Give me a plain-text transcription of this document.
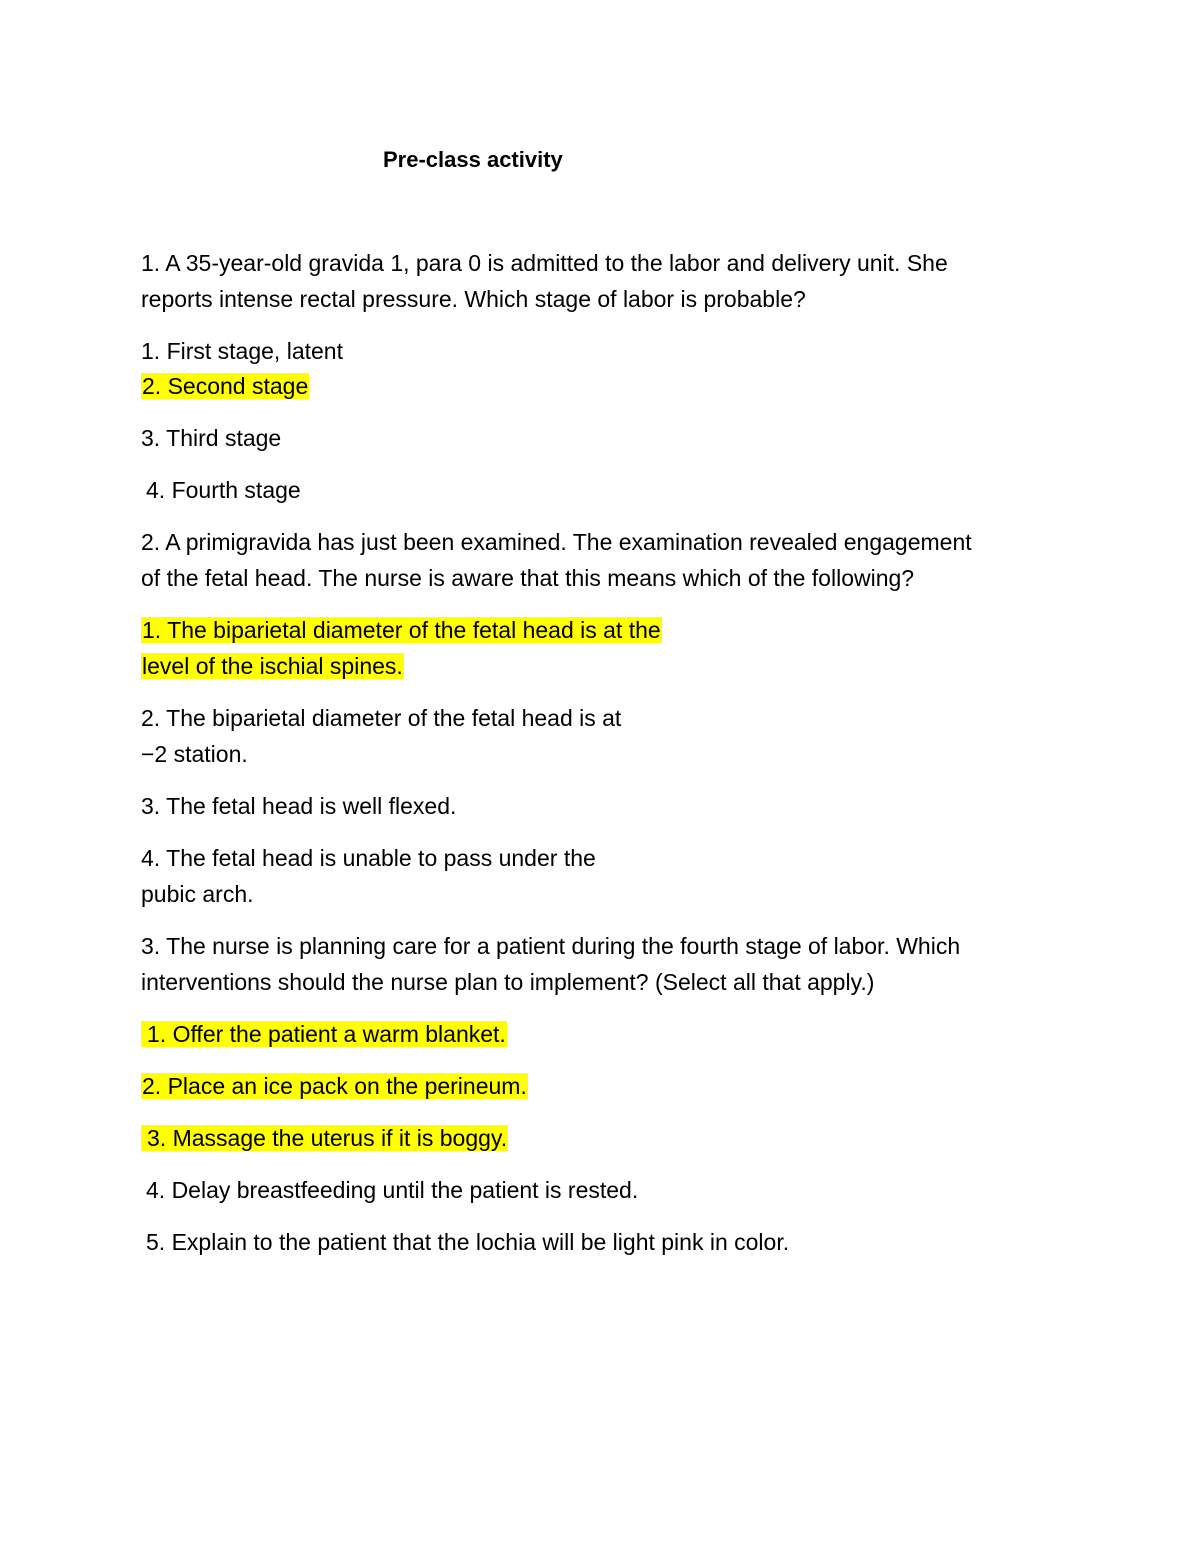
Pre-class activity
1. A 35-year-old gravida 1, para 0 is admitted to the labor and delivery unit. She
reports intense rectal pressure. Which stage of labor is probable?
1. First stage, latent
2. Second stage
3. Third stage
4. Fourth stage
2. A primigravida has just been examined. The examination revealed engagement
of the fetal head. The nurse is aware that this means which of the following?
1. The biparietal diameter of the fetal head is at the
level of the ischial spines.
2. The biparietal diameter of the fetal head is at
−2 station.
3. The fetal head is well flexed.
4. The fetal head is unable to pass under the
pubic arch.
3. The nurse is planning care for a patient during the fourth stage of labor. Which
interventions should the nurse plan to implement? (Select all that apply.)
1. Offer the patient a warm blanket.
2. Place an ice pack on the perineum.
3. Massage the uterus if it is boggy.
4. Delay breastfeeding until the patient is rested.
5. Explain to the patient that the lochia will be light pink in color.
